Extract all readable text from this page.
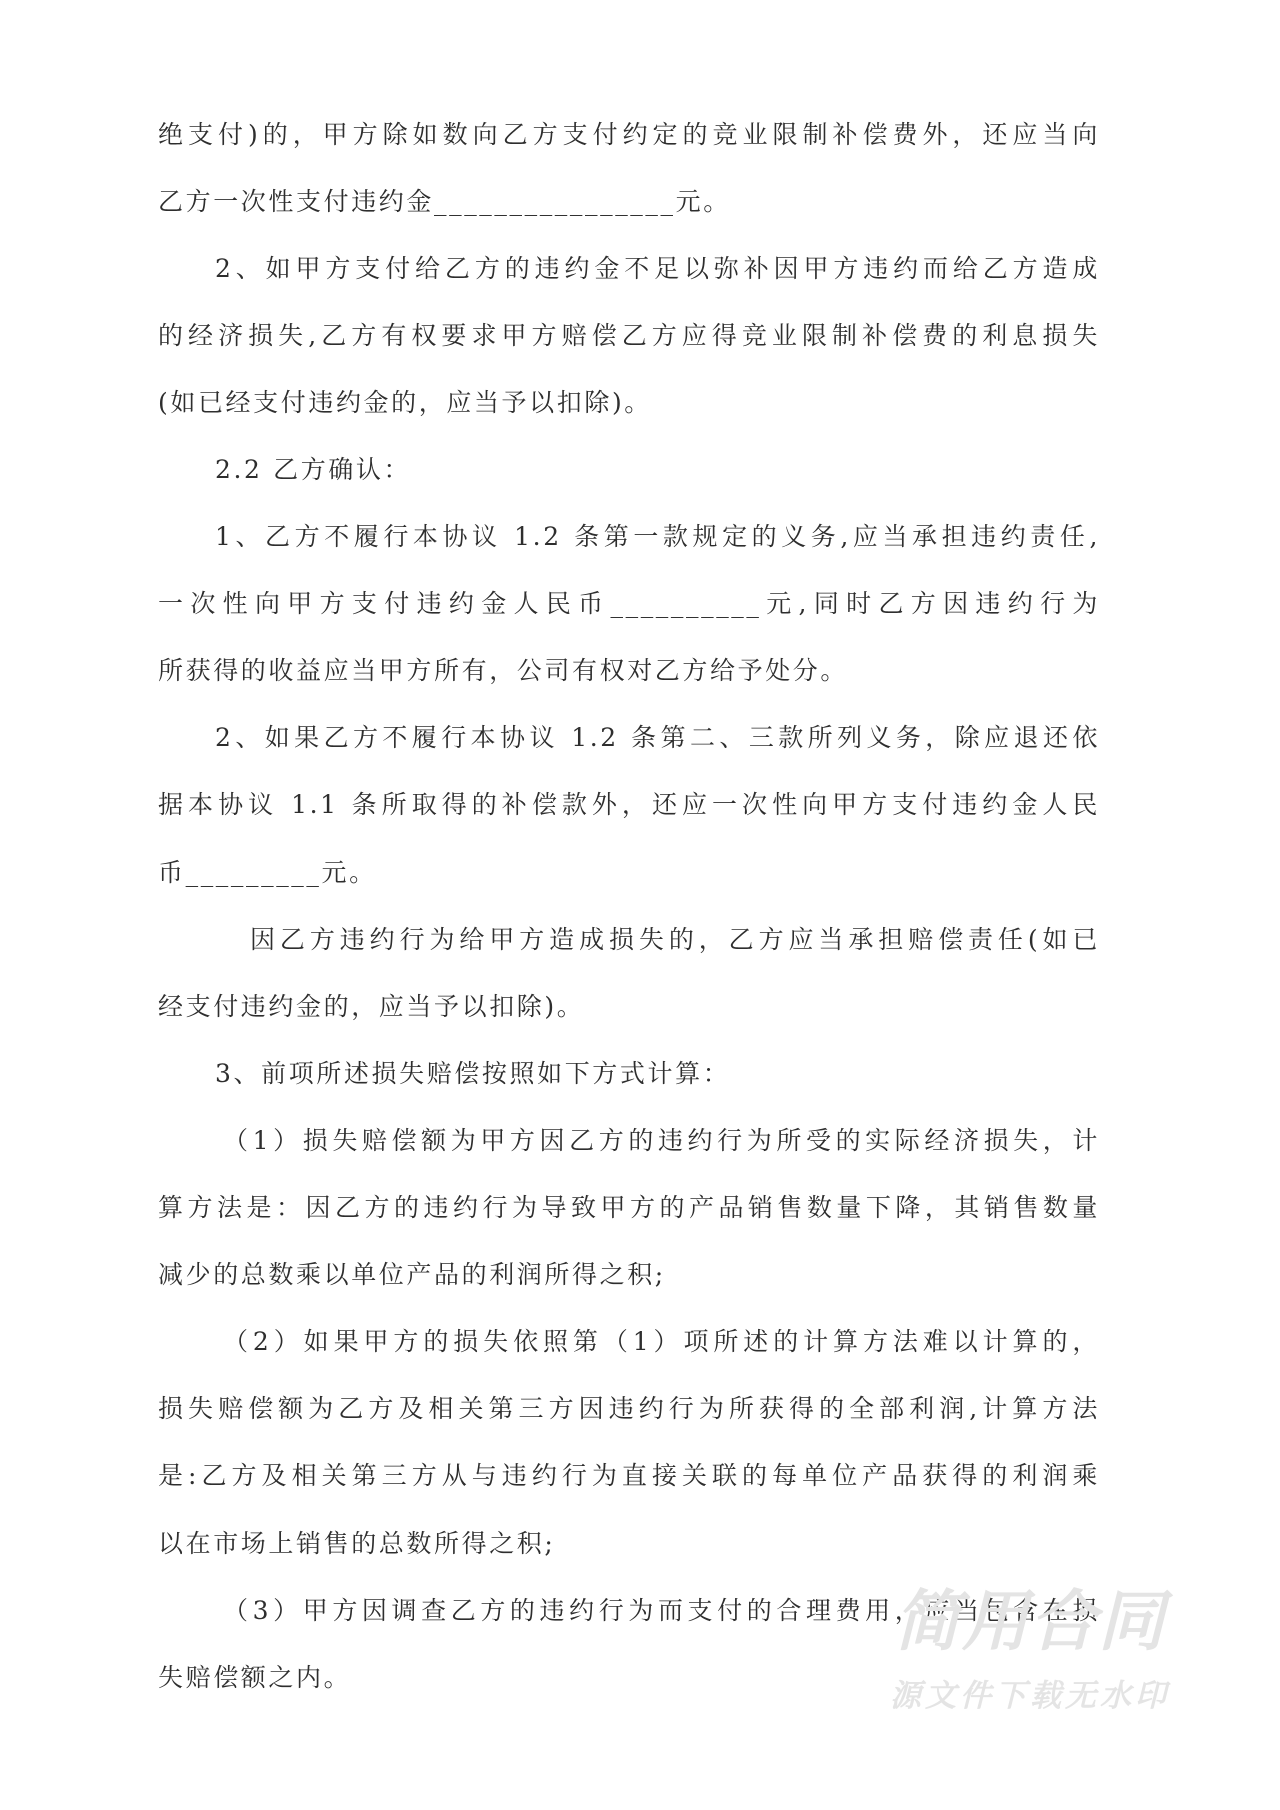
绝支付)的，甲方除如数向乙方支付约定的竞业限制补偿费外，还应当向
乙方一次性支付违约金________________元。
2、如甲方支付给乙方的违约金不足以弥补因甲方违约而给乙方造成
的经济损失,乙方有权要求甲方赔偿乙方应得竞业限制补偿费的利息损失
(如已经支付违约金的，应当予以扣除)。
2.2 乙方确认：
1、乙方不履行本协议 1.2 条第一款规定的义务,应当承担违约责任,
一次性向甲方支付违约金人民币__________元,同时乙方因违约行为
所获得的收益应当甲方所有，公司有权对乙方给予处分。
2、如果乙方不履行本协议 1.2 条第二、三款所列义务，除应退还依
据本协议 1.1 条所取得的补偿款外，还应一次性向甲方支付违约金人民
币_________元。
因乙方违约行为给甲方造成损失的，乙方应当承担赔偿责任(如已
经支付违约金的，应当予以扣除)。
3、前项所述损失赔偿按照如下方式计算：
（1）损失赔偿额为甲方因乙方的违约行为所受的实际经济损失，计
算方法是：因乙方的违约行为导致甲方的产品销售数量下降，其销售数量
减少的总数乘以单位产品的利润所得之积;
（2）如果甲方的损失依照第（1）项所述的计算方法难以计算的，
损失赔偿额为乙方及相关第三方因违约行为所获得的全部利润,计算方法
是:乙方及相关第三方从与违约行为直接关联的每单位产品获得的利润乘
以在市场上销售的总数所得之积;
（3）甲方因调查乙方的违约行为而支付的合理费用，应当包含在损
失赔偿额之内。
简用合同
源文件下载无水印
